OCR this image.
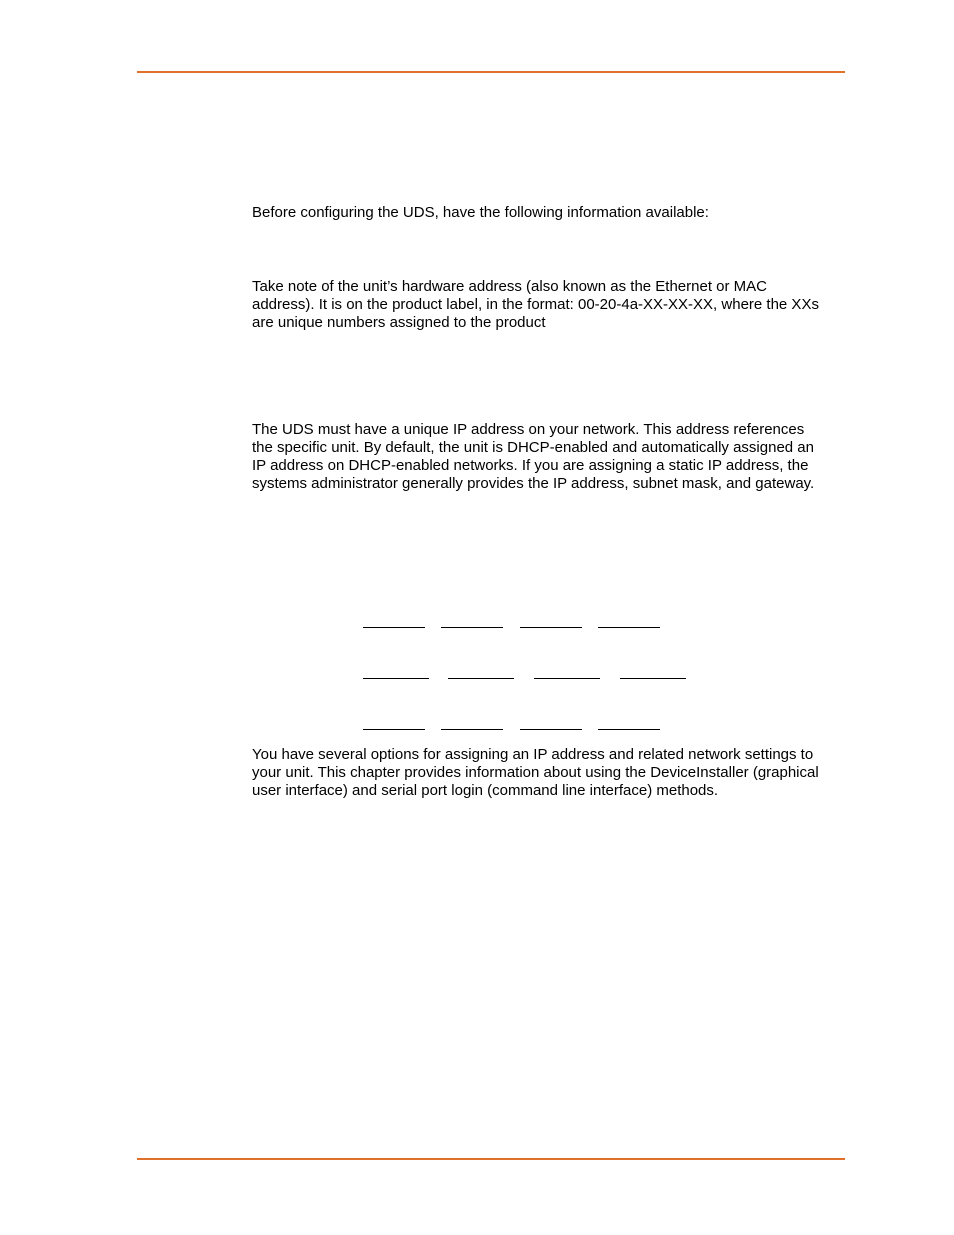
Before configuring the UDS, have the following information available:

Take note of the unit’s hardware address (also known as the Ethernet or MAC
address). It is on the product label, in the format: 00-20-4a-XX-XX-XX, where the XXs
are unique numbers assigned to the product

The UDS must have a unique IP address on your network. This address references
the specific unit. By default, the unit is DHCP-enabled and automatically assigned an
IP address on DHCP-enabled networks. If you are assigning a static IP address, the
systems administrator generally provides the IP address, subnet mask, and gateway.

You have several options for assigning an IP address and related network settings to
your unit. This chapter provides information about using the DeviceInstaller (graphical
user interface) and serial port login (command line interface) methods.
